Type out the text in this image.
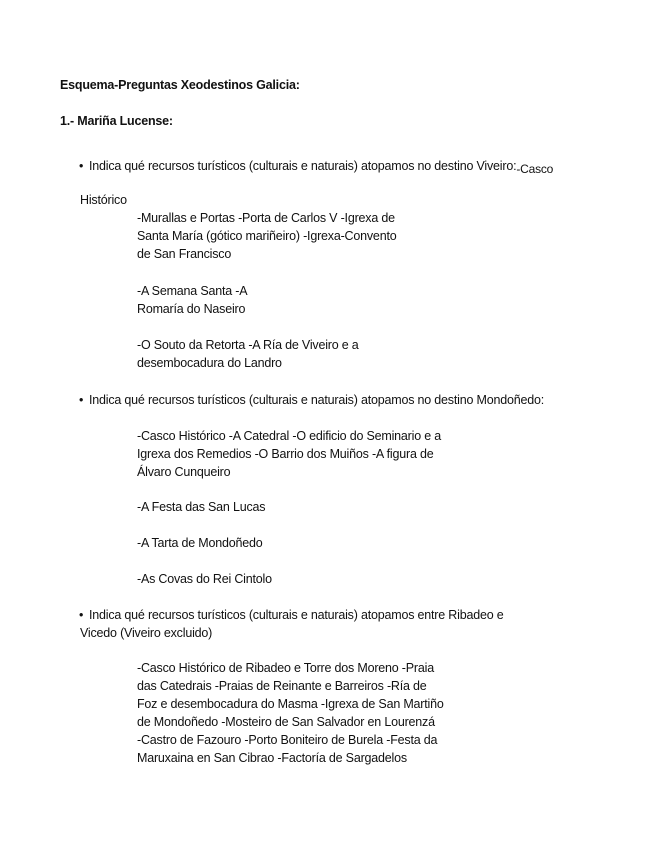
Esquema-Preguntas Xeodestinos Galicia:
1.- Mariña Lucense:
• Indica qué recursos turísticos (culturais e naturais) atopamos no destino Viveiro:-Casco
Histórico
-Murallas e Portas -Porta de Carlos V -Igrexa de
Santa María (gótico mariñeiro) -Igrexa-Convento
de San Francisco
-A Semana Santa -A
Romaría do Naseiro
-O Souto da Retorta -A Ría de Viveiro e a
desembocadura do Landro
• Indica qué recursos turísticos (culturais e naturais) atopamos no destino Mondoñedo:
-Casco Histórico -A Catedral -O edificio do Seminario e a
Igrexa dos Remedios -O Barrio dos Muiños -A figura de
Álvaro Cunqueiro
-A Festa das San Lucas
-A Tarta de Mondoñedo
-As Covas do Rei Cintolo
• Indica qué recursos turísticos (culturais e naturais) atopamos entre Ribadeo e
Vicedo (Viveiro excluido)
-Casco Histórico de Ribadeo e Torre dos Moreno -Praia
das Catedrais -Praias de Reinante e Barreiros -Ría de
Foz e desembocadura do Masma -Igrexa de San Martiño
de Mondoñedo -Mosteiro de San Salvador en Lourenzá
-Castro de Fazouro -Porto Boniteiro de Burela -Festa da
Maruxaina en San Cibrao -Factoría de Sargadelos
